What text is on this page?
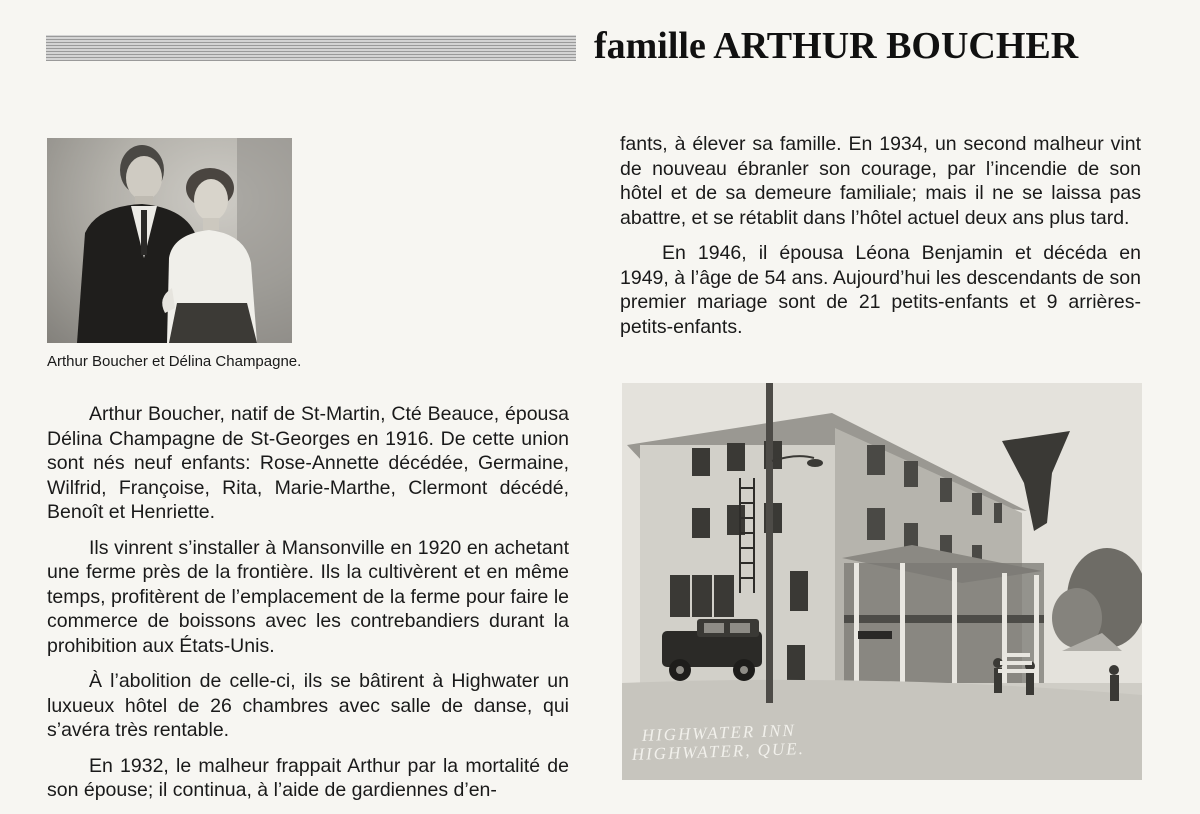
famille ARTHUR BOUCHER
Arthur Boucher et Délina Champagne.

Arthur Boucher, natif de St-Martin, Cté Beauce, épousa Délina Champagne de St-Georges en 1916. De cette union sont nés neuf enfants: Rose-Annette décédée, Germaine, Wilfrid, Françoise, Rita, Marie-Marthe, Clermont décédé, Benoît et Henriette.

Ils vinrent s’installer à Mansonville en 1920 en achetant une ferme près de la frontière. Ils la cultivèrent et en même temps, profitèrent de l’emplacement de la ferme pour faire le commerce de boissons avec les contrebandiers durant la prohibition aux États-Unis.

À l’abolition de celle-ci, ils se bâtirent à Highwater un luxueux hôtel de 26 chambres avec salle de danse, qui s’avéra très rentable.

En 1932, le malheur frappait Arthur par la mortalité de son épouse; il continua, à l’aide de gardiennes d’en-

fants, à élever sa famille. En 1934, un second malheur vint de nouveau ébranler son courage, par l’incendie de son hôtel et de sa demeure familiale; mais il ne se laissa pas abattre, et se rétablit dans l’hôtel actuel deux ans plus tard.

En 1946, il épousa Léona Benjamin et décéda en 1949, à l’âge de 54 ans. Aujourd’hui les descendants de son premier mariage sont de 21 petits-enfants et 9 arrières-petits-enfants.

HIGHWATER INN
HIGHWATER, QUE.
